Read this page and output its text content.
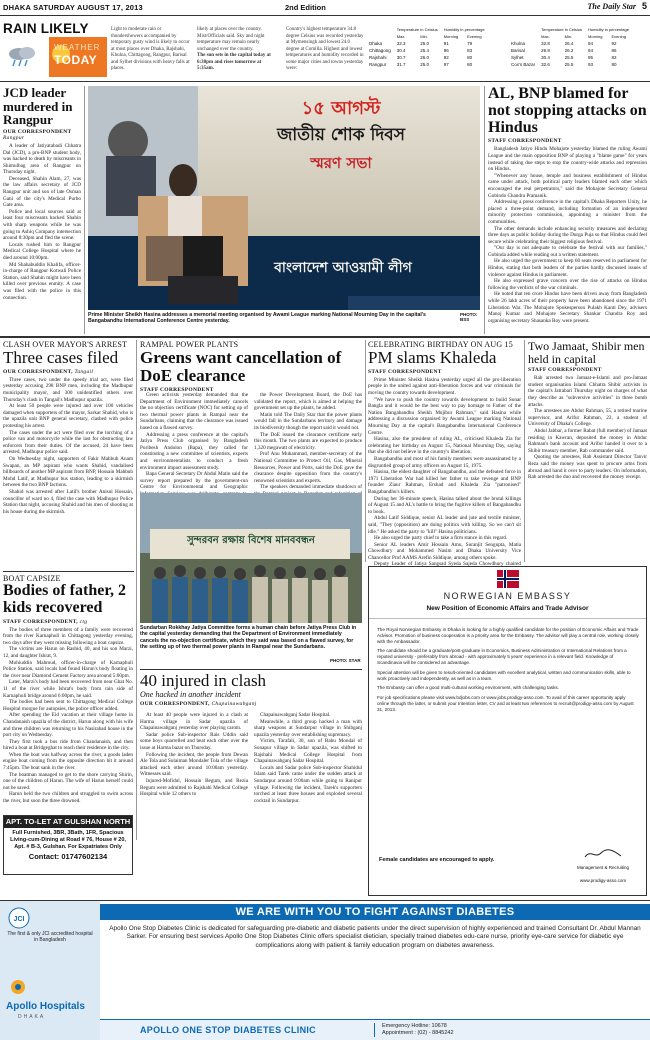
DHAKA SATURDAY AUGUST 17, 2013	2nd Edition	The Daily Star 5
RAIN LIKELY
WEATHER
TODAY
Light to moderate rain or thundershowers accompanied by temporary gusty wind is likely to occur at most places over Dhaka, Rajshahi, Khulna, Chittagong, Rangpur, Barisal and Sylhet divisions with heavy falls at places.
likely at places over the country. Mist/Officials said. Sky and night temperature may remain nearly unchanged over the country.
The sun sets in the capital today at 6:38pm and rises tomorrow at 5:35am.
Country's highest temperature 34.8 degree Celsius was recorded yesterday at Mymensingh and lowest 24.0 degree at Comilla. Highest and lowest temperatures and humidity recorded in some major cities and towns yesterday were:
	Temperature in Celsius		Humidity in percentage	
	Max.	Min.	Morning	Evening
Dhaka	32.3	25.0	91	79
Chittagong	30.4	25.4	96	83
Rajshahi	30.7	26.0	92	80
Rangpur	31.7	25.0	97	80
	Temperature in Celsius		Humidity in percentage	
	Max.	Min.	Morning	Evening
Khulna	32.8	26.4	94	92
Barisal	29.8	26.2	94	86
Sylhet	30.4	25.5	95	82
Cox's Bazar	32.6	25.5	93	80
JCD leader murdered in Rangpur
OUR CORRESPONDENT
Rangpur

A leader of Jatiyatabadi Chhatra Dal (JCD), a pro-BNP student body, was hacked to death by miscreants in Shimulbag area of Rangpur on Thursday night.

Deceased, Shahin Alam, 27, was the law affairs secretary of JCD Rangpur unit and son of late Osman Gani of the city's Medical Purbo Gate area.

Police and local sources said at least four miscreants hacked Shahin with sharp weapons while he was going to Ashiq Company intersection around 8:30pm and fled the scene.

Locals rushed him to Rangpur Medical College Hospital where he died around 10:00pm.

Md Shahabuddin Khalifa, officer-in-charge of Rangpur Kotwali Police Station, said Shahin might have been killed over previous enmity. A case was filed with the police in this connection.

১৫ আগস্ট
জাতীয় শোক দিবস
স্মরণ সভা
বাংলাদেশ আওয়ামী লীগ
Prime Minister Sheikh Hasina addresses a memorial meeting organised by Awami League marking National Mourning Day in the capital's Bangabandhu International Conference Centre yesterday.
PHOTO: BSS
AL, BNP blamed for not stopping attacks on Hindus
STAFF CORRESPONDENT

Bangladesh Jatiyo Hindu Mohajote yesterday blamed the ruling Awami League and the main opposition BNP of playing a "blame game" for years instead of taking due steps to stop the country-wide attacks and repression on Hindus.

"Whenever any house, temple and business establishment of Hindus came under attack, both political party leaders blamed each other which encouraged the real perpetrators," said the Mohajote Secretary General Gobindo Chandra Pramanik.

Addressing a press conference in the capital's Dhaka Reporters Unity, he placed a three-point demand, including formation of an independent minority protection commission, appointing a minister from the communities.

The other demands include enhancing security measures and declaring three days as public holiday during the Durga Puja so that Hindus could feel secure while celebrating their biggest religious festival.

"Our day is not adequate to celebrate the festival with our families," Gobinda added while reading out a written statement.

He also urged the government to keep 60 seats reserved in parliament for Hindus, stating that both leaders of the parties hardly discussed issues of violence against Hindus in parliament.

He also expressed grave concern over the rise of attacks on Hindus following the verdicts of the war criminals.

He noted that ten crore Hindus have been driven away from Bangladesh while 26 lakh acres of their property have been abandoned since the 1971 Liberation War. The Mohajote Spokesperson Pulakh Kanti Dey, advisers Manoj Kumar and Mohajote Secretary Shankar Chandra Roy and organising secretary Shasanka Roy were present.

CLASH OVER MAYOR'S ARREST
Three cases filed
OUR CORRESPONDENT, Tangail

Three cases, two under the speedy trial act, were filed yesterday accusing 298 BNP men, including the Madhupur municipality mayor, and 300 unidentified others over Thursday's clash in Tangail's Madhupur upazila.

At least 50 people were injured and over 100 vehicles damaged when supporters of the mayor, Sarkar Shahid, who is the upazila unit BNP general secretary, clashed with police protesting his arrest.

The cases under the act were filed over the torching of a police van and motorcycle while the last for obstructing law enforcers from their duties. Of the accused, 24 have been arrested, Madhupur police said.

On Wednesday night, supporters of Fakir Mahbub Anam Swapan, an MP aspirant who wants Shahid, vandalised billboards of another MP aspirant from BNP, Hossain Mahbub Mohd Latif, at Madhupur bus station, leading to a skirmish between the two BNP factions.

Shahid was arrested after Latif's brother Anisul Hossain, councillor of ward no 4, filed the case with Madhupur Police Station that night, accusing Shahid and his men of shooting at his house during the skirmish.

RAMPAL POWER PLANTS
Greens want cancellation of DoE clearance
STAFF CORRESPONDENT

Green activists yesterday demanded that the Department of Environment immediately cancels the no objection certificate (NOC) for setting up of two thermal power plants in Rampal near the Sundarbans, claiming that the clearance was issued based on a flawed survey.

Addressing a press conference at the capital's Jatiya Press Club organised by Bangladesh Poribesh Andolon (Bapa), they called for constituting a new committee of scientists, experts and environmentalists to conduct a fresh environment impact assessment study.

Bapa General Secretary Dr Abdul Matin said the survey report prepared by the government-run Centre for Environmental and Geographic

the Power Development Board, the DoE has validated the report, which is aimed at helping the government set up the plants, he added.

Matin told The Daily Star that the power plants would fall in the Sundarbans territory and damage its biodiversity though the report said it would not.

The DoE issued the clearance certificate early this month. The two plants are expected to produce 1,320 megawatt of electricity.

Prof Anu Muhammad, member-secretary of the National Committee to Protect Oil, Gas, Mineral Resources, Power and Ports, said the DoE gave the clearance despite opposition from the country's renowned scientists and experts.

The speakers demanded immediate shutdown of

CELEBRATING BIRTHDAY ON AUG 15
PM slams Khaleda
STAFF CORRESPONDENT

Prime Minister Sheikh Hasina yesterday urged all the pro-liberation people in the united against anti-liberation forces and war criminals for moving the country towards development.

"We have to push the country towards development to build Sonar Bangla and it would be the best way to pay homage to Father of the Nation Bangabandhu Sheikh Mujibur Rahman," said Hasina while addressing a discussion organised by Awami League marking National Mourning Day at the capital's Bangabandhu International Conference Centre.

Hasina, also the president of ruling AL, criticised Khaleda Zia for celebrating her birthday on August 15, National Mourning Day, saying that she did not believe in the country's liberation.

Bangabandhu and most of his family members were assassinated by a disgruntled group of army officers on August 15, 1975.

Hasina, the eldest daughter of Bangabandhu, and the defeated force in 1971 Liberation War had killed her father to take revenge and BNP founder Ziaur Rahman, Ershad and Khaleda Zia "patronised" Bangabandhu's killers.

During her 36-minute speech, Hasina talked about the brutal killings of August 15 and AL's battle to bring the fugitive killers of Bangabandhu to book.

Abdul Latif Siddique, senior AL leader and jute and textile minister, said, "They (opposition) are doing politics with killing. So we can't sit idle." He asked the party to "kill" Hasina politicians.

He also urged the party chief to take a firm stance in this regard.

Senior AL leaders Amir Hossain Amu, Suranjit Sengupta, Matia Chowdhury and Mohammed Nasim and Dhaka University Vice Chancellor Prof AAMS Arefin Siddique, among others spoke.

Deputy Leader of Jatiya Sangsad Syeda Sajeda Chowdhury chaired

Two Jamaat, Shibir men held in capital
STAFF CORRESPONDENT

Rab arrested two Jamaat-e-Islami and pro-Jamaat student organisation Islami Chhatra Shibir activists in the capital's Jatrabari Thursday night on charges of what they describe as "subversive activities" in three bomb attacks.

The arrestees are Abdur Rahman, 55, a retired marine supervisor, and Arifur Rahman, 22, a student of University of Dhaka's College.

Abdul Jabbar, a former Rabat (full member) of Jamaat residing in Kawran, deposited the money in Abdur Rahman's bank account and Arifur handed it over to a Shibir treasury member, Rab commander said.

Quoting the arrestees, Rab Assistant Director Tanvir Reza said the money was spent to procure arms from abroad and hand it over to party leaders. On information, Rab arrested the duo and recovered the money receipt.

BOAT CAPSIZE
Bodies of father, 2 kids recovered
STAFF CORRESPONDENT, ctg

The bodies of three members of a family were recovered from the river Karnaphuli in Chittagong yesterday evening, two days after they went missing following a boat capsize.

The victims are Harun on Rashid, 40, and his son Marzi, 12, and daughter Ishrat, 9.

Mohiuddin Mahmud, officer-in-charge of Karnaphuli Police Station, said locals had found Harun's body floating in the river near Diamond Cement Factory area around 5:00pm.

Later, Marzi's body had been recovered from near Ghat No. 11 of the river while Ishrat's body from rain side of Karnaphuli bridge around 6:00pm, he said.

The bodies had been sent to Chittagong Medical College Hospital morgue for autopsies, the police officer added.

After spending the Eid vacation at their village home in Chandanaish upazila of the district, Harun along with his wife and three children was returning to his Nasirabad house in the port city on Wednesday.

They first took a bus ride from Chandanaish, and then hired a boat at Bridgeghat to reach their residence in the city.

When the boat was halfway across the river, a goods laden engine boat coming from the opposite direction hit it around 7:45pm. The boat sank in the river.

The boatman managed to get to the shore carrying Shirin, one of the children of Harun. The wife of Harun herself could not be saved.

Harun held the two children and struggled to swim across the river, but soon the three drowned.

APT. TO-LET AT GULSHAN NORTH
Full Furnished, 3BR, 3Bath, 1FR, Spacious
Living-cum-Dining at Road # 76, House # 20,
Apt. # B-3, Gulshan. For Expatriates Only
Contact: 01747602134
সুন্দরবন রক্ষায় বিশেষ মানববন্ধন
Sundarban Rokkhay Jatiya Committee forms a human chain before Jatiya Press Club in the capital yesterday demanding that the Department of Environment immediately cancels the no-objection certificate, which they said was based on a flawed survey, for the setting up of two thermal power plants in Rampal near the Sundarbans.
PHOTO: STAR
40 injured in clash
One hacked in another incident
OUR CORRESPONDENT, Chapainawabganj

At least 40 people were injured in a clash at Harma village in Sadar upazila of Chapainawabganj yesterday over playing carom.

Sadar police Sub-inspector Rais Uddin said some boys quarrelled and beat each other over the issue at Harma bazar on Thursday.

Following the incident, the people from Dewan Ale Tola and Solaiman Mondaler Tola of the village attacked each other around 10:00am yesterday. Witnesses said.

Injured-Mofidul, Hossain Begum, and Rezia Begum were admitted to Rajshahi Medical College Hospital while 12 others to

Chapainawabganj Sadar Hospital.

Meanwhile, a third group hacked a man with sharp weapons at Sundarpur village in Shibganj upazila yesterday over establishing supremacy.

Victim, Tarafali, 30, son of Babu Mondal of Sonapur village in Sadar upazila, was shifted to Rajshahi Medical College Hospital from Chapainawabganj Sadar Hospital.

Locals and Sadar police Sub-inspector Shahidul Islam said Tarek came under the sudden attack at Sundarpur around 9:00am while going to Ranipur village. Following the incident, Tarek's supporters torched at least three houses and exploded several cocktail in Sundarpur.

NORWEGIAN EMBASSY
New Position of Economic Affairs and Trade Advisor

The Royal Norwegian Embassy in Dhaka is looking for a highly qualified candidate for the position of Economic Affairs and Trade Advisor. Promotion of business cooperation is a priority area for the Embassy. The advisor will play a central role, working closely with the Ambassador.

The candidate should be a graduate/post-graduate in Economics, Business Administration or International Relations from a reputed university - preferably from abroad - with approximately 5 years' experience in a relevant field. Knowledge of Scandinavia will be considered an advantage.

Special attention will be given to result-oriented candidates with excellent analytical, written and communication skills, able to work proactively and independently, as well as in a team.

The Embassy can offer a good multi-cultural working environment, with challenging tasks.

For job specifications please visit www.bdjobs.com or www.jobs.prodigy-asso.com. To avail of this career opportunity apply online through the latter, or submit your Intention letter, CV and at least two references to recruit@prodigy-asso.com by August 31, 2013.

Female candidates are encouraged to apply.
Management & Recruiting
www.prodigy-asso.com
JCI
The first & only JCI accredited hospital in Bangladesh
Apollo Hospitals
DHAKA
WE ARE WITH YOU TO FIGHT AGAINST DIABETES
Apollo One Stop Diabetes Clinic is dedicated for safeguarding pre-diabetic and diabetic patients under the direct supervision of highly experienced and trained Consultant Dr. Abdul Mannan Sarker. For ensuring best services Apollo One Stop Diabetes Clinic offers specialist dietician, specially trained diabetes edu-care nurse, priority eye-care service for diabetic eye complications along with patient & family education program on diabetes awareness.
APOLLO ONE STOP DIABETES CLINIC	Emergency Hotline: 10678
Appointment : (02) - 8845242
